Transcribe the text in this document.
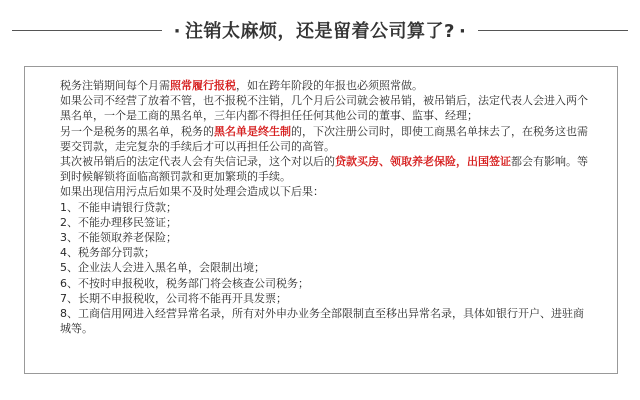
· 注销太麻烦，还是留着公司算了? ·

税务注销期间每个月需照常履行报税，如在跨年阶段的年报也必须照常做。

如果公司不经营了放着不管，也不报税不注销，几个月后公司就会被吊销，被吊销后，法定代表人会进入两个黑名单，一个是工商的黑名单，三年内都不得担任任何其他公司的董事、监事、经理；

另一个是税务的黑名单，税务的黑名单是终生制的，下次注册公司时，即使工商黑名单抹去了，在税务这也需要交罚款，走完复杂的手续后才可以再担任公司的高管。

其次被吊销后的法定代表人会有失信记录，这个对以后的贷款买房、领取养老保险，出国签证都会有影响。等到时候解锁将面临高额罚款和更加繁琐的手续。

如果出现信用污点后如果不及时处理会造成以下后果：

1、不能申请银行贷款；

2、不能办理移民签证；

3、不能领取养老保险；

4、税务部分罚款；

5、企业法人会进入黑名单，会限制出境；

6、不按时申报税收，税务部门将会核查公司税务；

7、长期不申报税收，公司将不能再开具发票；

8、工商信用网进入经营异常名录，所有对外申办业务全部限制直至移出异常名录，具体如银行开户、进驻商城等。
